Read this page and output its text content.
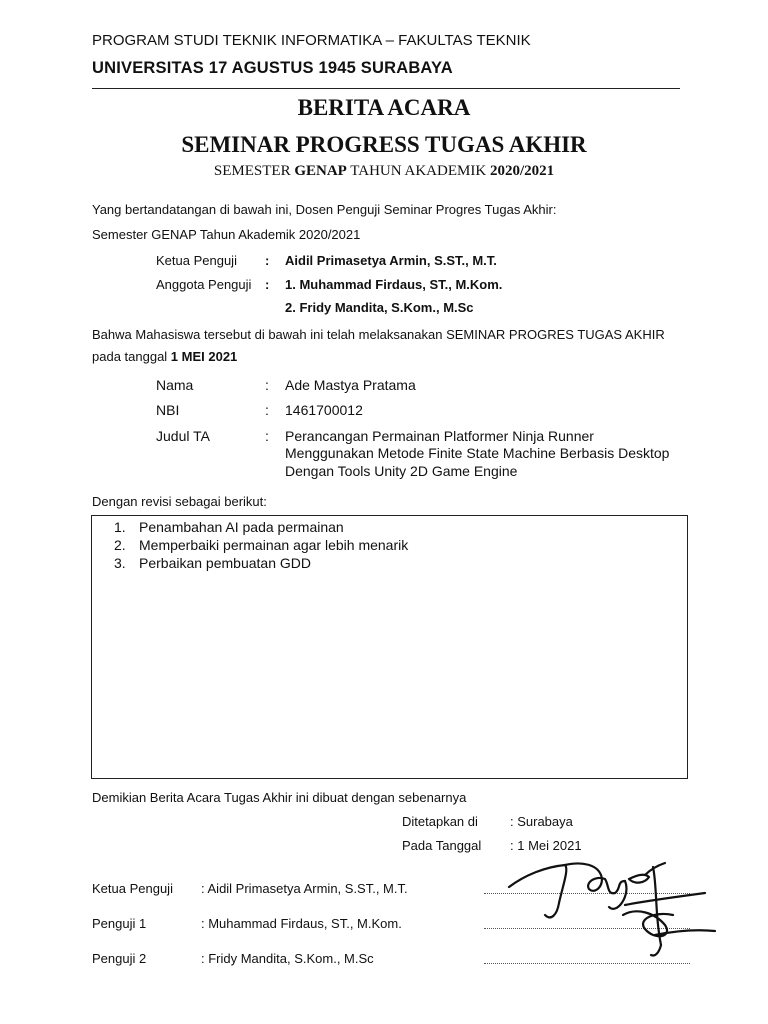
PROGRAM STUDI TEKNIK INFORMATIKA – FAKULTAS TEKNIK
UNIVERSITAS 17 AGUSTUS 1945 SURABAYA
BERITA ACARA
SEMINAR PROGRESS TUGAS AKHIR
SEMESTER GENAP TAHUN AKADEMIK 2020/2021
Yang bertandatangan di bawah ini, Dosen Penguji Seminar Progres Tugas Akhir:
Semester GENAP Tahun Akademik 2020/2021
Ketua Penguji : Aidil Primasetya Armin, S.ST., M.T.
Anggota Penguji : 1. Muhammad Firdaus, ST., M.Kom.
2. Fridy Mandita, S.Kom., M.Sc
Bahwa Mahasiswa tersebut di bawah ini telah melaksanakan SEMINAR PROGRES TUGAS AKHIR
pada tanggal 1 MEI 2021
Nama	: Ade Mastya Pratama
NBI	: 1461700012
Judul TA	: Perancangan Permainan Platformer Ninja Runner
Menggunakan Metode Finite State Machine Berbasis Desktop
Dengan Tools Unity 2D Game Engine
Dengan revisi sebagai berikut:
1. Penambahan AI pada permainan
2. Memperbaiki permainan agar lebih menarik
3. Perbaikan pembuatan GDD
Demikian Berita Acara Tugas Akhir ini dibuat dengan sebenarnya
Ditetapkan di : Surabaya
Pada Tanggal : 1 Mei 2021
Ketua Penguji : Aidil Primasetya Armin, S.ST., M.T.
Penguji 1	: Muhammad Firdaus, ST., M.Kom.
Penguji 2	: Fridy Mandita, S.Kom., M.Sc
